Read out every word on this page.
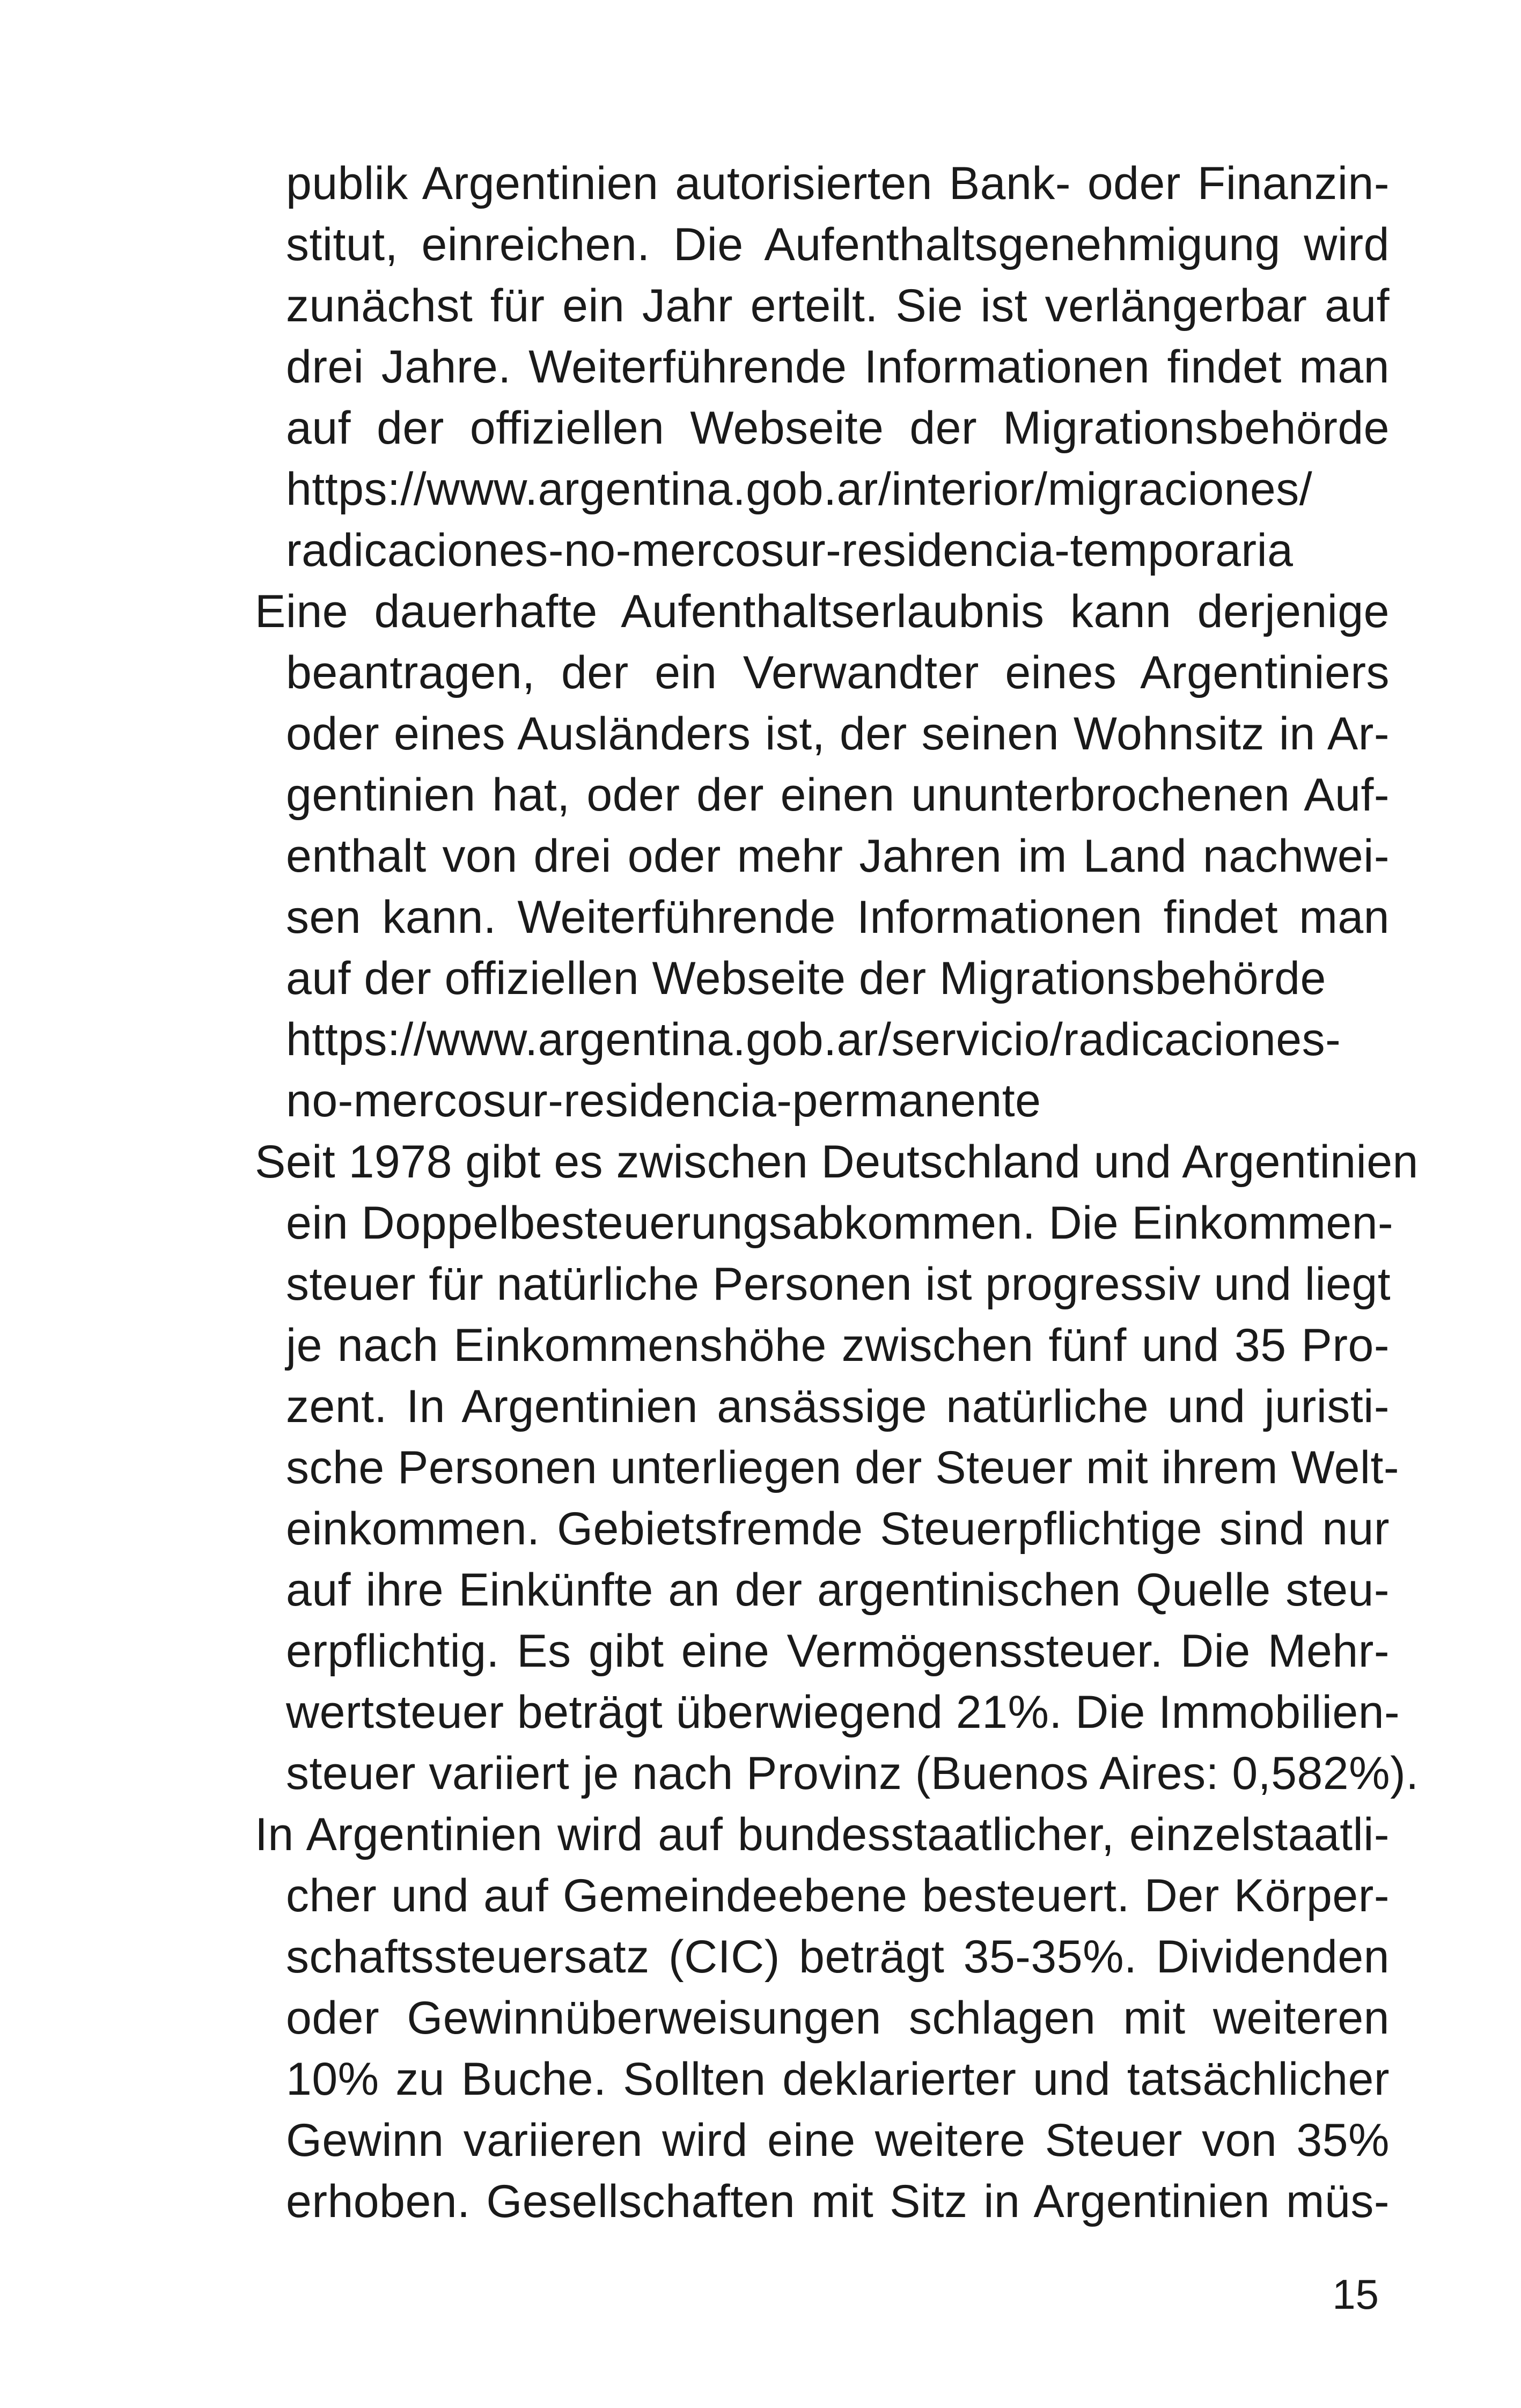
publik Argentinien autorisierten Bank- oder Finanzin-
stitut, einreichen. Die Aufenthaltsgenehmigung wird
zunächst für ein Jahr erteilt. Sie ist verlängerbar auf
drei Jahre. Weiterführende Informationen findet man
auf der offiziellen Webseite der Migrationsbehörde
https://www.argentina.gob.ar/interior/migraciones/
radicaciones-no-mercosur-residencia-temporaria
Eine dauerhafte Aufenthaltserlaubnis kann derjenige
beantragen, der ein Verwandter eines Argentiniers
oder eines Ausländers ist, der seinen Wohnsitz in Ar-
gentinien hat, oder der einen ununterbrochenen Auf-
enthalt von drei oder mehr Jahren im Land nachwei-
sen kann. Weiterführende Informationen findet man
auf der offiziellen Webseite der Migrationsbehörde
https://www.argentina.gob.ar/servicio/radicaciones-
no-mercosur-residencia-permanente
Seit 1978 gibt es zwischen Deutschland und Argentinien
ein Doppelbesteuerungsabkommen. Die Einkommen-
steuer für natürliche Personen ist progressiv und liegt
je nach Einkommenshöhe zwischen fünf und 35 Pro-
zent. In Argentinien ansässige natürliche und juristi-
sche Personen unterliegen der Steuer mit ihrem Welt-
einkommen. Gebietsfremde Steuerpflichtige sind nur
auf ihre Einkünfte an der argentinischen Quelle steu-
erpflichtig. Es gibt eine Vermögenssteuer. Die Mehr-
wertsteuer beträgt überwiegend 21%. Die Immobilien-
steuer variiert je nach Provinz (Buenos Aires: 0,582%).
In Argentinien wird auf bundesstaatlicher, einzelstaatli-
cher und auf Gemeindeebene besteuert. Der Körper-
schaftssteuersatz (CIC) beträgt 35-35%. Dividenden
oder Gewinnüberweisungen schlagen mit weiteren
10% zu Buche. Sollten deklarierter und tatsächlicher
Gewinn variieren wird eine weitere Steuer von 35%
erhoben. Gesellschaften mit Sitz in Argentinien müs-
15
